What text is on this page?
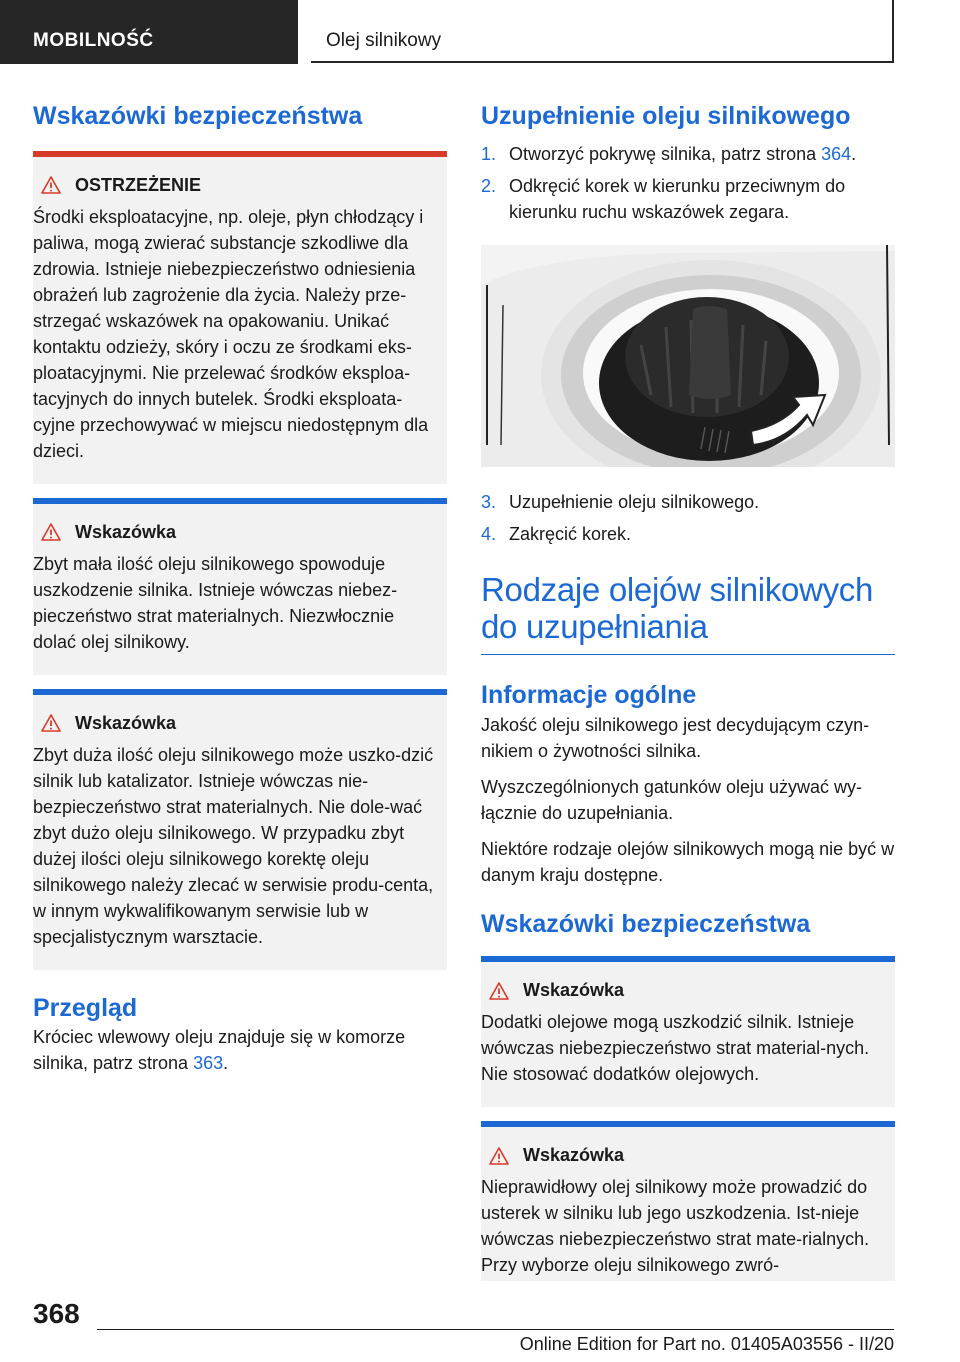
MOBILNOŚĆ	Olej silnikowy
Wskazówki bezpieczeństwa
OSTRZEŻENIE

Środki eksploatacyjne, np. oleje, płyn chłodzący i paliwa, mogą zwierać substancje szkodliwe dla zdrowia. Istnieje niebezpieczeństwo odniesienia obrażeń lub zagrożenie dla życia. Należy prze-strzegać wskazówek na opakowaniu. Unikać kontaktu odzieży, skóry i oczu ze środkami eks-ploatacyjnymi. Nie przelewać środków eksploa-tacyjnych do innych butelek. Środki eksploata-cyjne przechowywać w miejscu niedostępnym dla dzieci.

Wskazówka

Zbyt mała ilość oleju silnikowego spowoduje uszkodzenie silnika. Istnieje wówczas niebez-pieczeństwo strat materialnych. Niezwłocznie dolać olej silnikowy.

Wskazówka

Zbyt duża ilość oleju silnikowego może uszko-dzić silnik lub katalizator. Istnieje wówczas nie-bezpieczeństwo strat materialnych. Nie dole-wać zbyt dużo oleju silnikowego. W przypadku zbyt dużej ilości oleju silnikowego korektę oleju silnikowego należy zlecać w serwisie produ-centa, w innym wykwalifikowanym serwisie lub w specjalistycznym warsztacie.

Przegląd

Króciec wlewowy oleju znajduje się w komorze silnika, patrz strona 363.

Uzupełnienie oleju silnikowego
1. Otworzyć pokrywę silnika, patrz strona 364.
2. Odkręcić korek w kierunku przeciwnym do kierunku ruchu wskazówek zegara.
3. Uzupełnienie oleju silnikowego.
4. Zakręcić korek.
Rodzaje olejów silnikowych do uzupełniania
Informacje ogólne

Jakość oleju silnikowego jest decydującym czyn-nikiem o żywotności silnika.

Wyszczególnionych gatunków oleju używać wy-łącznie do uzupełniania.

Niektóre rodzaje olejów silnikowych mogą nie być w danym kraju dostępne.

Wskazówki bezpieczeństwa
Wskazówka

Dodatki olejowe mogą uszkodzić silnik. Istnieje wówczas niebezpieczeństwo strat material-nych. Nie stosować dodatków olejowych.

Wskazówka

Nieprawidłowy olej silnikowy może prowadzić do usterek w silniku lub jego uszkodzenia. Ist-nieje wówczas niebezpieczeństwo strat mate-rialnych. Przy wyborze oleju silnikowego zwró-

368
Online Edition for Part no. 01405A03556 - II/20
